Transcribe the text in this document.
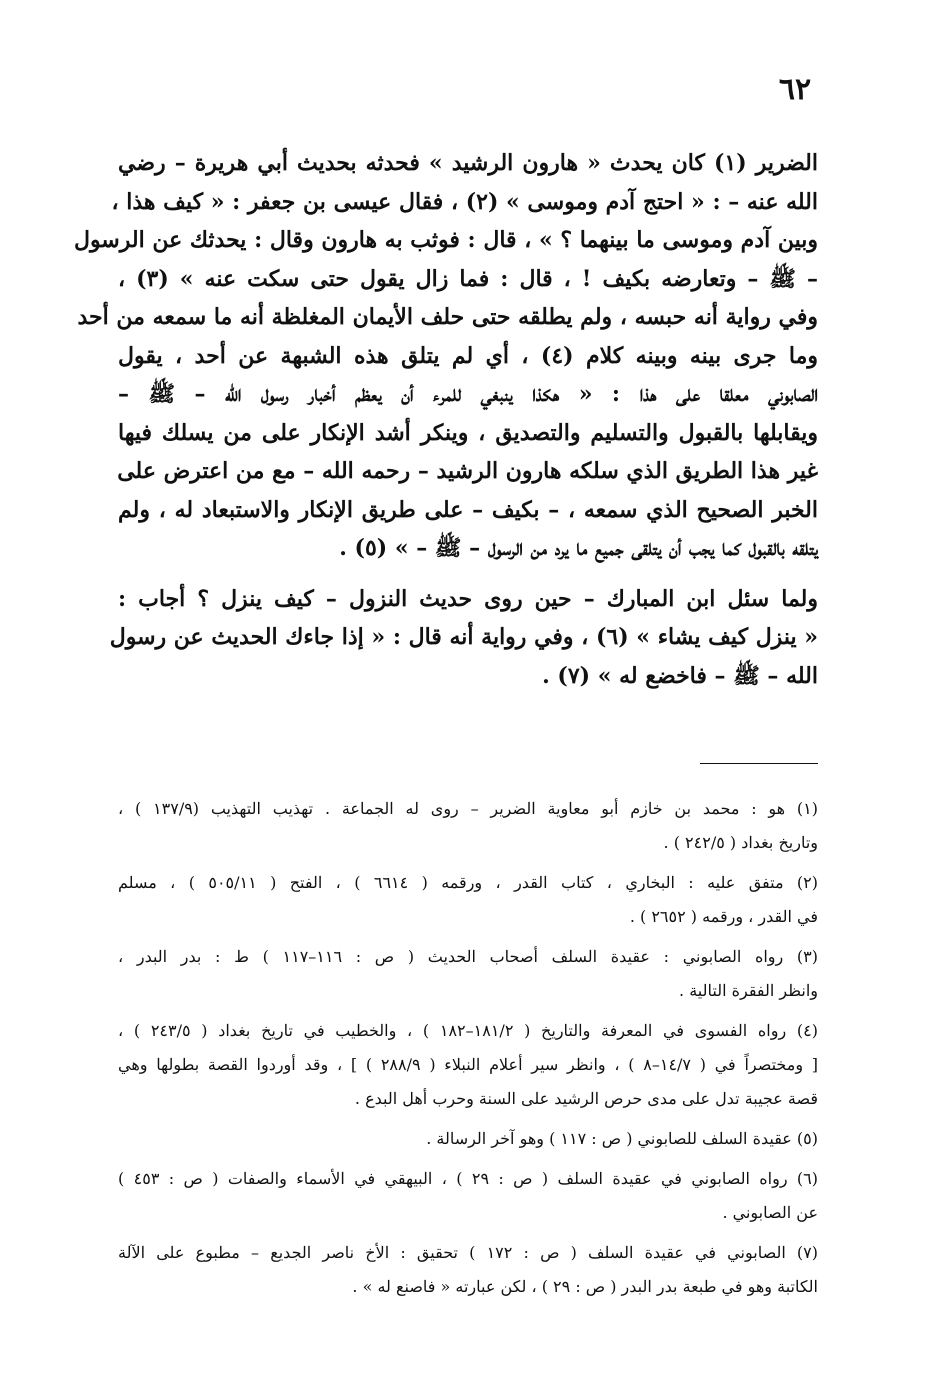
٦٢
الضرير (١) كان يحدث « هارون الرشيد » فحدثه بحديث أبي هريرة – رضي
الله عنه – : « احتج آدم وموسى » (٢) ، فقال عيسى بن جعفر : « كيف هذا ،
وبين آدم وموسى ما بينهما ؟ » ، قال : فوثب به هارون وقال : يحدثك عن الرسول
– ﷺ – وتعارضه بكيف ! ، قال : فما زال يقول حتى سكت عنه » (٣) ،
وفي رواية أنه حبسه ، ولم يطلقه حتى حلف الأيمان المغلظة أنه ما سمعه من أحد
وما جرى بينه وبينه كلام (٤) ، أي لم يتلق هذه الشبهة عن أحد ، يقول
الصابوني معلقا على هذا : « هكذا ينبغي للمرء أن يعظم أخبار رسول الله – ﷺ –
ويقابلها بالقبول والتسليم والتصديق ، وينكر أشد الإنكار على من يسلك فيها
غير هذا الطريق الذي سلكه هارون الرشيد – رحمه الله – مع من اعترض على
الخبر الصحيح الذي سمعه ، – بكيف – على طريق الإنكار والاستبعاد له ، ولم
يتلقه بالقبول كما يجب أن يتلقى جميع ما يرد من الرسول – ﷺ – » (٥) .
ولما سئل ابن المبارك – حين روى حديث النزول – كيف ينزل ؟ أجاب :
« ينزل كيف يشاء » (٦) ، وفي رواية أنه قال : « إذا جاءك الحديث عن رسول
الله – ﷺ – فاخضع له » (٧) .
(١) هو : محمد بن خازم أبو معاوية الضرير – روى له الجماعة . تهذيب التهذيب (١٣٧/٩ ) ،
وتاريخ بغداد ( ٢٤٢/٥ ) .
(٢) متفق عليه : البخاري ، كتاب القدر ، ورقمه ( ٦٦١٤ ) ، الفتح ( ٥٠٥/١١ ) ، مسلم
في القدر ، ورقمه ( ٢٦٥٢ ) .
(٣) رواه الصابوني : عقيدة السلف أصحاب الحديث ( ص : ١١٦–١١٧ ) ط : بدر البدر ،
وانظر الفقرة التالية .
(٤) رواه الفسوى في المعرفة والتاريخ ( ١٨١/٢–١٨٢ ) ، والخطيب في تاريخ بغداد ( ٢٤٣/٥ ) ،
[ ومختصراً في ( ١٤/٧–٨ ) ، وانظر سير أعلام النبلاء ( ٢٨٨/٩ ) ] ، وقد أوردوا القصة بطولها وهي
قصة عجيبة تدل على مدى حرص الرشيد على السنة وحرب أهل البدع .
(٥) عقيدة السلف للصابوني ( ص : ١١٧ ) وهو آخر الرسالة .
(٦) رواه الصابوني في عقيدة السلف ( ص : ٢٩ ) ، البيهقي في الأسماء والصفات ( ص : ٤٥٣ )
عن الصابوني .
(٧) الصابوني في عقيدة السلف ( ص : ١٧٢ ) تحقيق : الأخ ناصر الجديع – مطبوع على الآلة
الكاتبة وهو في طبعة بدر البدر ( ص : ٢٩ ) ، لكن عبارته « فاصنع له » .
